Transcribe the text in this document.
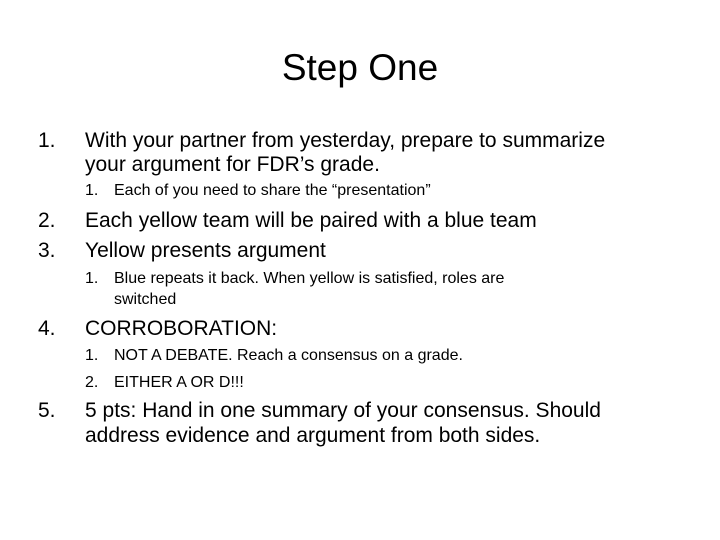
Step One
1. With your partner from yesterday, prepare to summarize
your argument for FDR’s grade.
1. Each of you need to share the “presentation”
2. Each yellow team will be paired with a blue team
3. Yellow presents argument
1. Blue repeats it back. When yellow is satisfied, roles are
switched
4. CORROBORATION:
1. NOT A DEBATE. Reach a consensus on a grade.
2. EITHER A OR D!!!
5. 5 pts: Hand in one summary of your consensus. Should
address evidence and argument from both sides.
